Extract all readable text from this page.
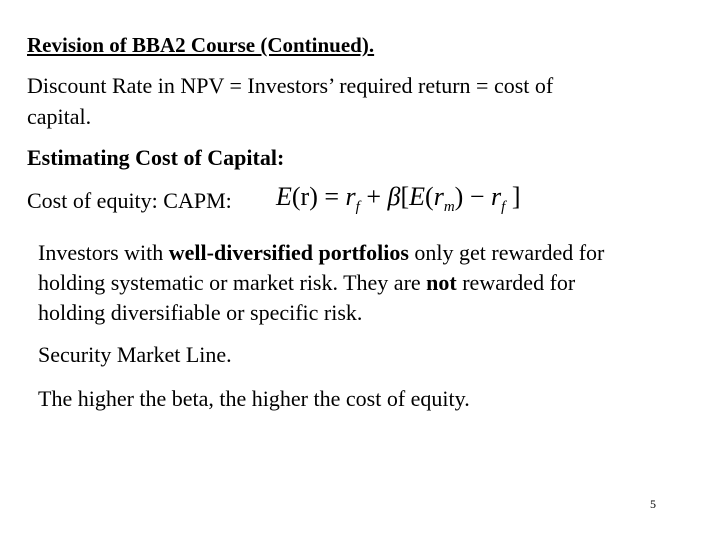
Revision of BBA2 Course (Continued).
Discount Rate in NPV = Investors’ required return = cost of
capital.
Estimating Cost of Capital:
Cost of equity: CAPM: $E(r) = r_f + \beta[E(r_m) - r_f$ ]
Investors with well-diversified portfolios only get rewarded for
holding systematic or market risk. They are not rewarded for
holding diversifiable or specific risk.
Security Market Line.
The higher the beta, the higher the cost of equity.
5
